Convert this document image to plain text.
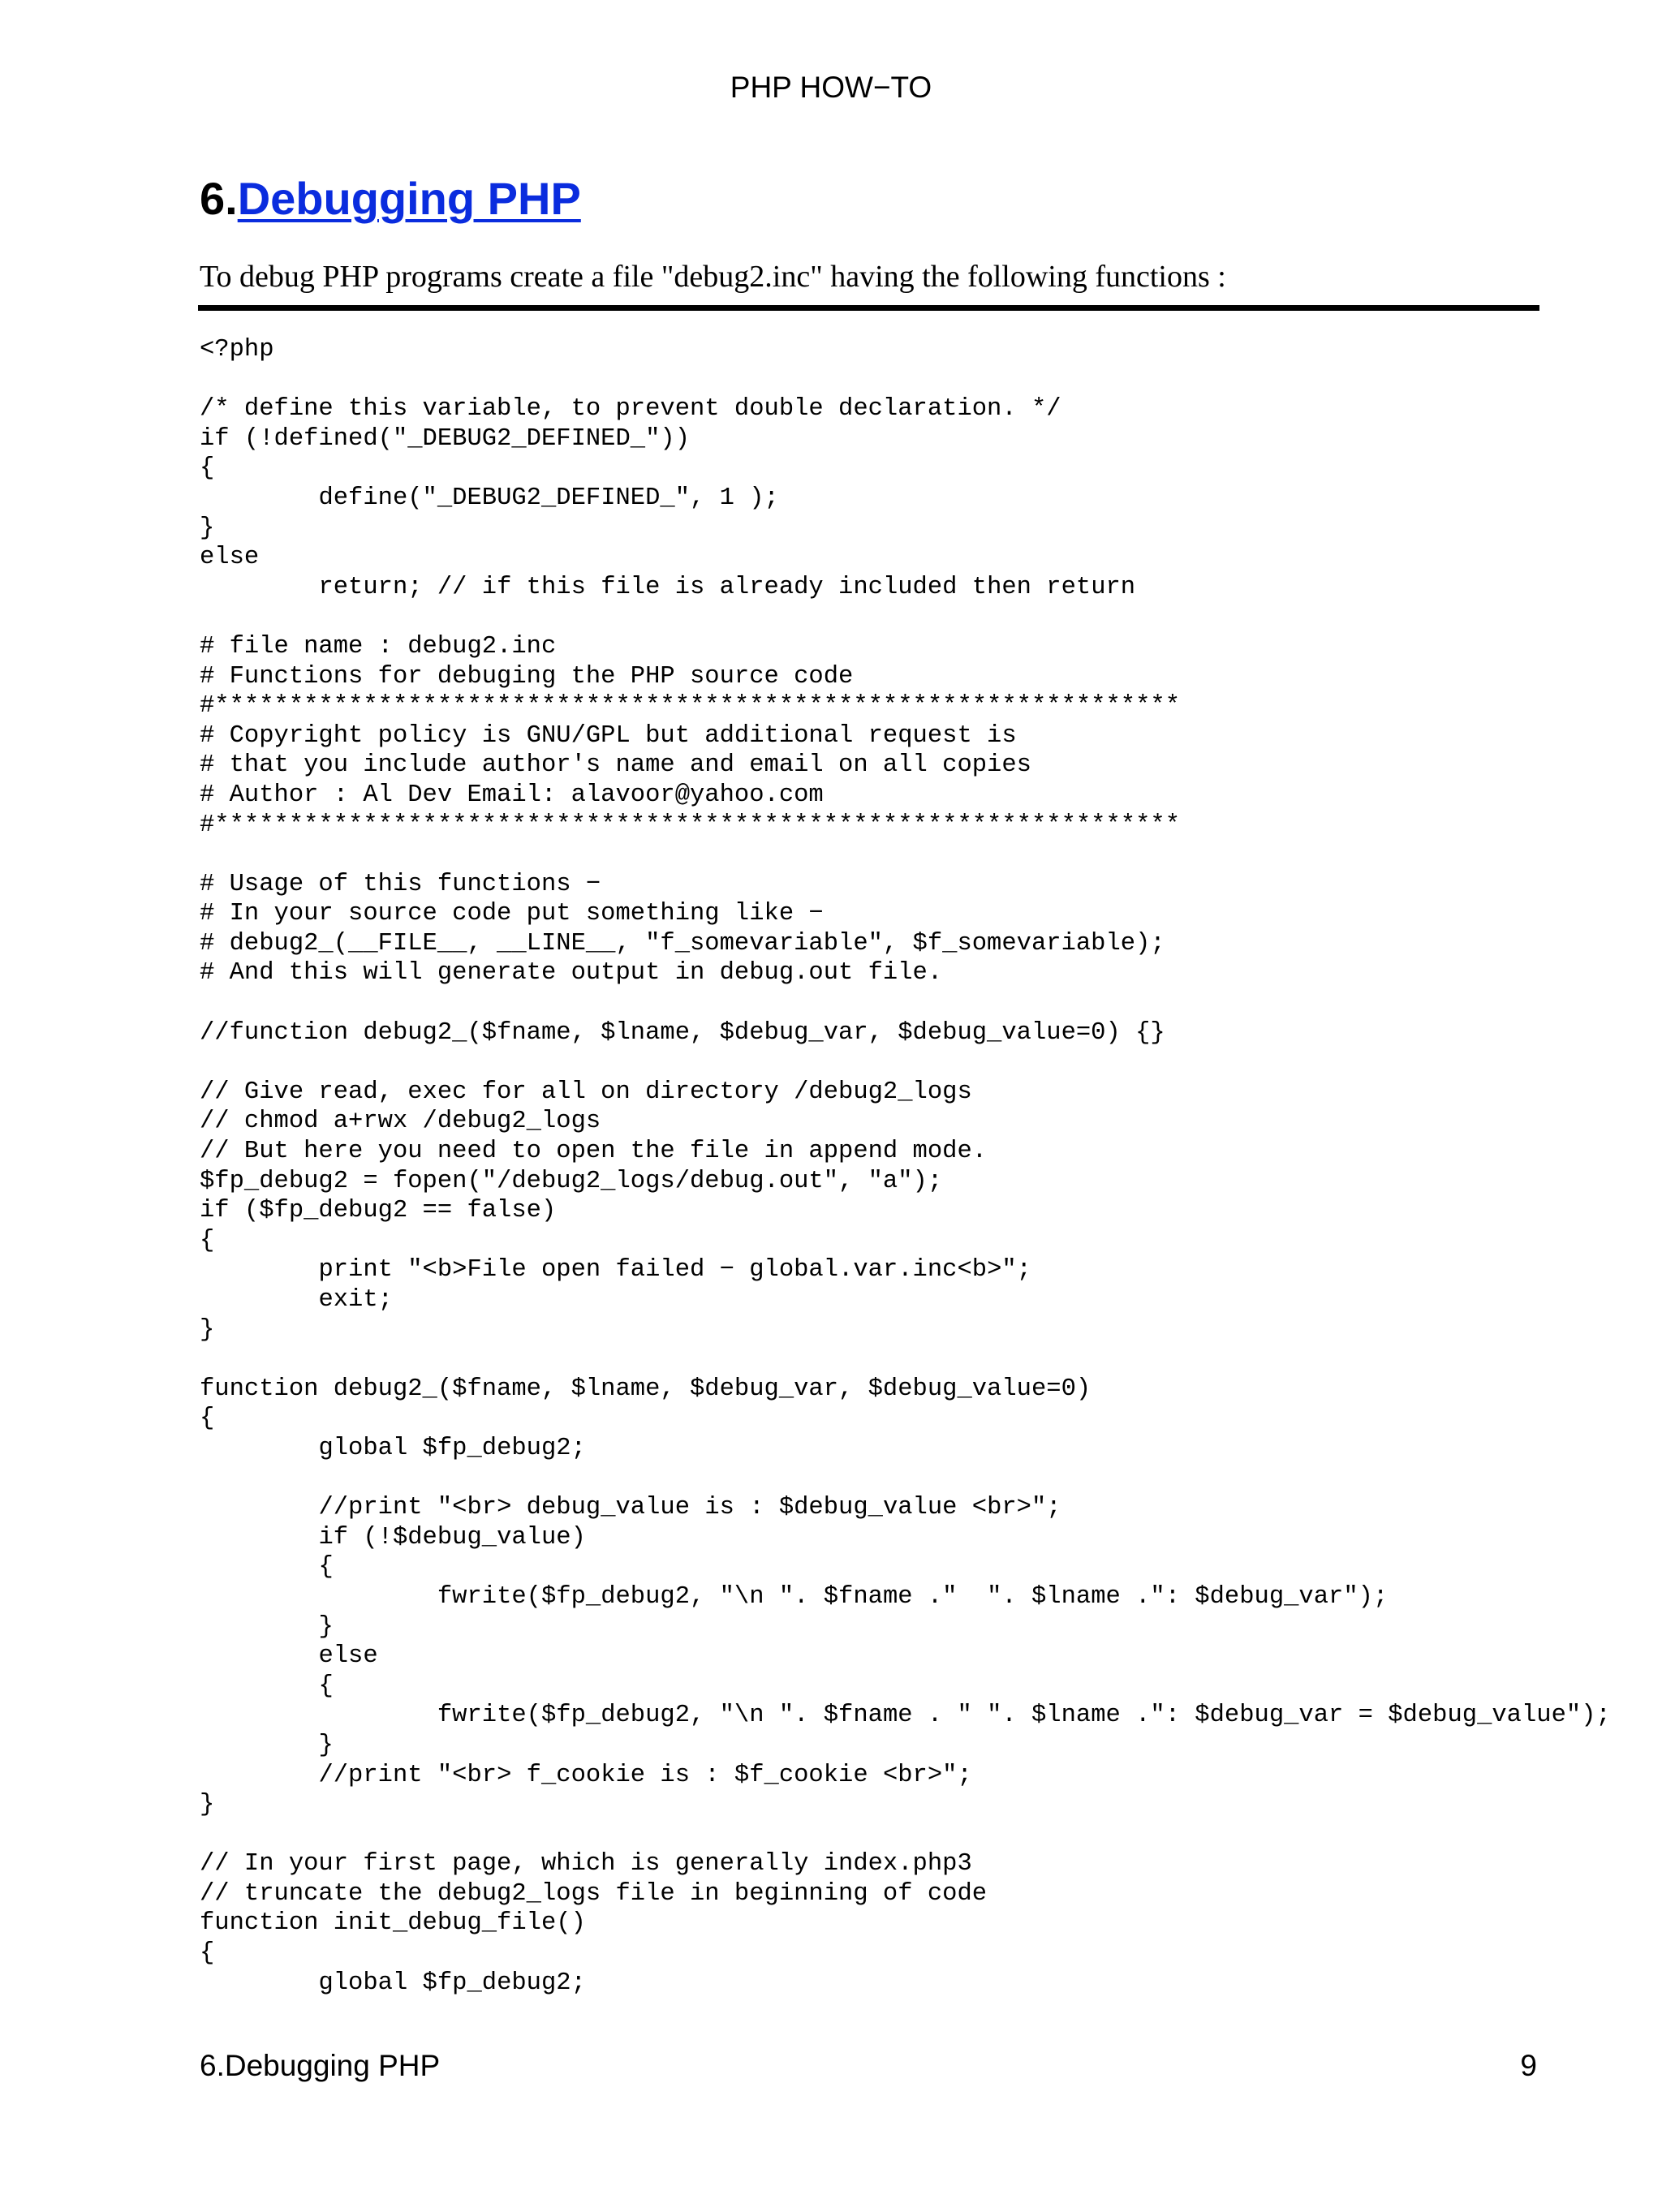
PHP HOW−TO
6.Debugging PHP
To debug PHP programs create a file "debug2.inc" having the following functions :
<?php

/* define this variable, to prevent double declaration. */
if (!defined("_DEBUG2_DEFINED_"))
{
	define("_DEBUG2_DEFINED_", 1 );
}
else
	return; // if this file is already included then return

# file name : debug2.inc
# Functions for debuging the PHP source code
#*****************************************************************
# Copyright policy is GNU/GPL but additional request is
# that you include author's name and email on all copies
# Author : Al Dev Email: alavoor@yahoo.com
#*****************************************************************

# Usage of this functions −
# In your source code put something like −
# debug2_(__FILE__, __LINE__, "f_somevariable", $f_somevariable);
# And this will generate output in debug.out file.

//function debug2_($fname, $lname, $debug_var, $debug_value=0) {}

// Give read, exec for all on directory /debug2_logs
// chmod a+rwx /debug2_logs
// But here you need to open the file in append mode.
$fp_debug2 = fopen("/debug2_logs/debug.out", "a");
if ($fp_debug2 == false)
{
	print "<b>File open failed − global.var.inc<b>";
	exit;
}

function debug2_($fname, $lname, $debug_var, $debug_value=0)
{
	global $fp_debug2;

	//print "<br> debug_value is : $debug_value <br>";
	if (!$debug_value)
	{
		fwrite($fp_debug2, "\n ". $fname ."  ". $lname .": $debug_var");
	}
	else
	{
		fwrite($fp_debug2, "\n ". $fname . " ". $lname .": $debug_var = $debug_value");
	}
	//print "<br> f_cookie is : $f_cookie <br>";
}

// In your first page, which is generally index.php3
// truncate the debug2_logs file in beginning of code
function init_debug_file()
{
	global $fp_debug2;
6.Debugging PHP	9
